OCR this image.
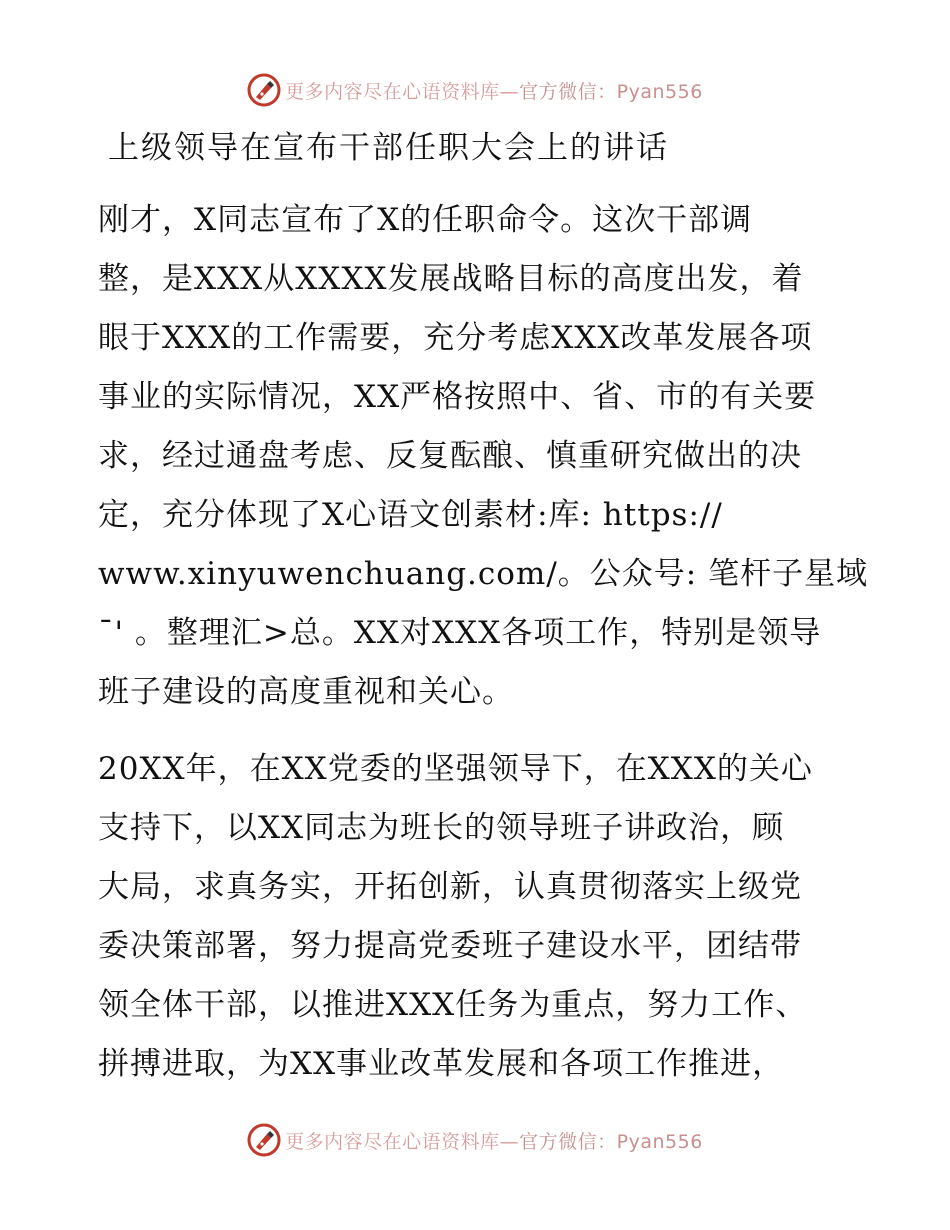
更多内容尽在心语资料库—官方微信：Pyan556
上级领导在宣布干部任职大会上的讲话

刚才，X同志宣布了X的任职命令。这次干部调
整，是XXX从XXXX发展战略目标的高度出发，着
眼于XXX的工作需要，充分考虑XXX改革发展各项
事业的实际情况，XX严格按照中、省、市的有关要
求，经过通盘考虑、反复酝酿、慎重研究做出的决
定，充分体现了X心语文创素材:库: https://
www.xinyuwenchuang.com/。公众号: 笔杆子星域
ˉ' 。整理汇>总。XX对XXX各项工作，特别是领导
班子建设的高度重视和关心。

20XX年，在XX党委的坚强领导下，在XXX的关心
支持下，以XX同志为班长的领导班子讲政治，顾
大局，求真务实，开拓创新，认真贯彻落实上级党
委决策部署，努力提高党委班子建设水平，团结带
领全体干部，以推进XXX任务为重点，努力工作、
拼搏进取，为XX事业改革发展和各项工作推进，

更多内容尽在心语资料库—官方微信：Pyan556
